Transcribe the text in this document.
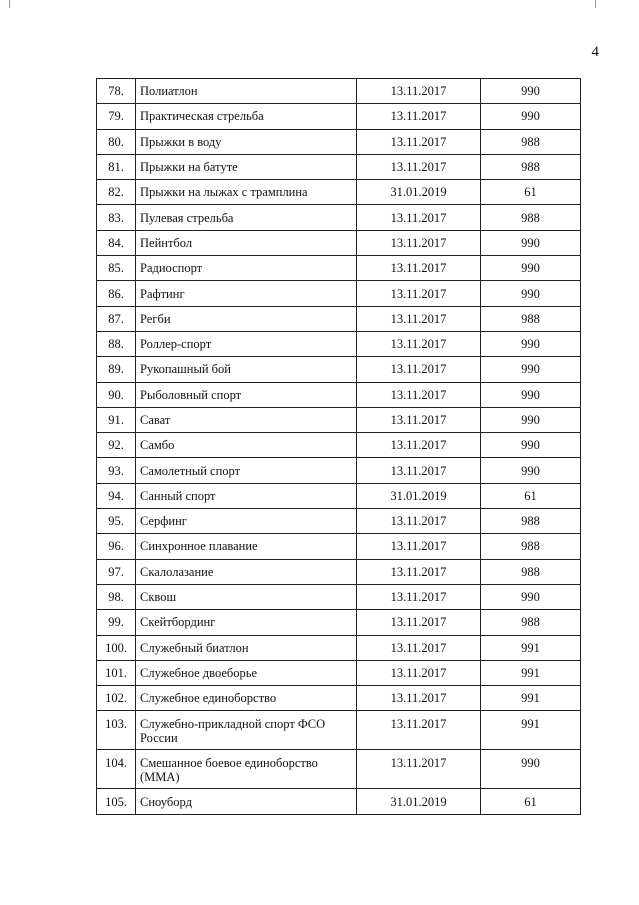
4
78.	Полиатлон	13.11.2017	990
79.	Практическая стрельба	13.11.2017	990
80.	Прыжки в воду	13.11.2017	988
81.	Прыжки на батуте	13.11.2017	988
82.	Прыжки на лыжах с трамплина	31.01.2019	61
83.	Пулевая стрельба	13.11.2017	988
84.	Пейнтбол	13.11.2017	990
85.	Радиоспорт	13.11.2017	990
86.	Рафтинг	13.11.2017	990
87.	Регби	13.11.2017	988
88.	Роллер-спорт	13.11.2017	990
89.	Рукопашный бой	13.11.2017	990
90.	Рыболовный спорт	13.11.2017	990
91.	Сават	13.11.2017	990
92.	Самбо	13.11.2017	990
93.	Самолетный спорт	13.11.2017	990
94.	Санный спорт	31.01.2019	61
95.	Серфинг	13.11.2017	988
96.	Синхронное плавание	13.11.2017	988
97.	Скалолазание	13.11.2017	988
98.	Сквош	13.11.2017	990
99.	Скейтбординг	13.11.2017	988
100.	Служебный биатлон	13.11.2017	991
101.	Служебное двоеборье	13.11.2017	991
102.	Служебное единоборство	13.11.2017	991
103.	Служебно-прикладной спорт ФСО России	13.11.2017	991
104.	Смешанное боевое единоборство (ММА)	13.11.2017	990
105.	Сноуборд	31.01.2019	61
